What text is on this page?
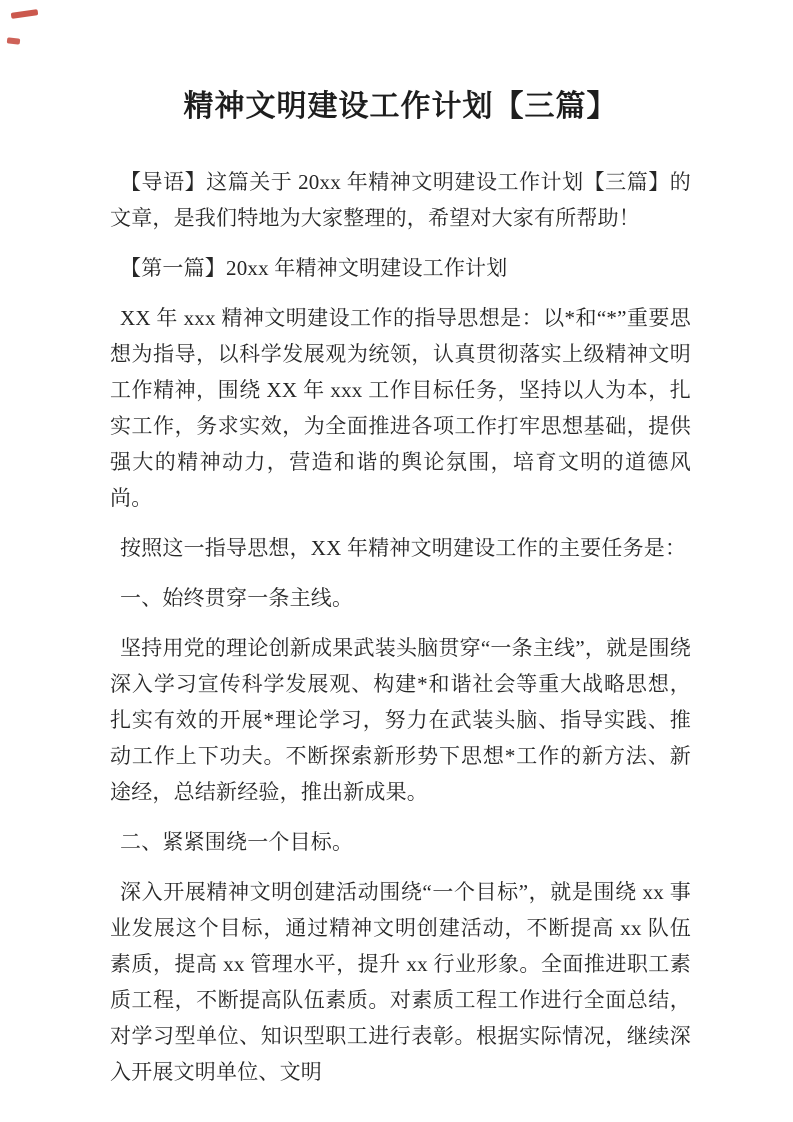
精神文明建设工作计划【三篇】

【导语】这篇关于 20xx 年精神文明建设工作计划【三篇】的文章，是我们特地为大家整理的，希望对大家有所帮助！

【第一篇】20xx 年精神文明建设工作计划

XX 年 xxx 精神文明建设工作的指导思想是：以*和“*”重要思想为指导，以科学发展观为统领，认真贯彻落实上级精神文明工作精神，围绕 XX 年 xxx 工作目标任务，坚持以人为本，扎实工作，务求实效，为全面推进各项工作打牢思想基础，提供强大的精神动力，营造和谐的舆论氛围，培育文明的道德风尚。

按照这一指导思想，XX 年精神文明建设工作的主要任务是：

一、始终贯穿一条主线。

坚持用党的理论创新成果武装头脑贯穿“一条主线”，就是围绕深入学习宣传科学发展观、构建*和谐社会等重大战略思想，扎实有效的开展*理论学习，努力在武装头脑、指导实践、推动工作上下功夫。不断探索新形势下思想*工作的新方法、新途经，总结新经验，推出新成果。

二、紧紧围绕一个目标。

深入开展精神文明创建活动围绕“一个目标”，就是围绕 xx 事业发展这个目标，通过精神文明创建活动，不断提高 xx 队伍素质，提高 xx 管理水平，提升 xx 行业形象。全面推进职工素质工程，不断提高队伍素质。对素质工程工作进行全面总结，对学习型单位、知识型职工进行表彰。根据实际情况，继续深入开展文明单位、文明
